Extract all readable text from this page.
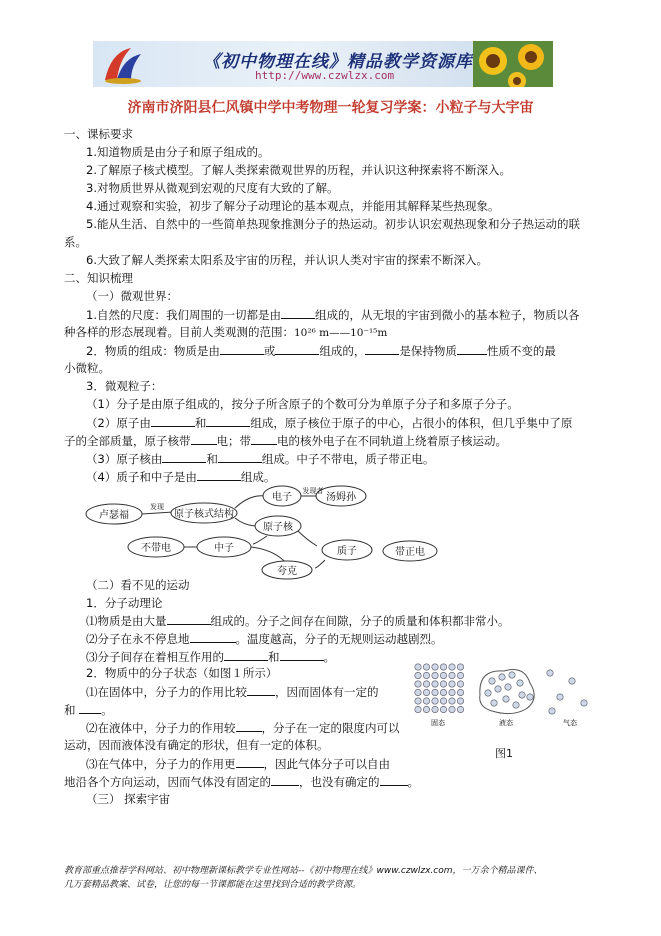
《初中物理在线》精品教学资源库
http://www.czwlzx.com
济南市济阳县仁风镇中学中考物理一轮复习学案：小粒子与大宇宙
一、课标要求
1.知道物质是由分子和原子组成的。
2.了解原子核式模型。了解人类探索微观世界的历程，并认识这种探索将不断深入。
3.对物质世界从微观到宏观的尺度有大致的了解。
4.通过观察和实验，初步了解分子动理论的基本观点，并能用其解释某些热现象。
5.能从生活、自然中的一些简单热现象推测分子的热运动。初步认识宏观热现象和分子热运动的联
系。
6.大致了解人类探索太阳系及宇宙的历程，并认识人类对宇宙的探索不断深入。
二、知识梳理
（一）微观世界：
1.自然的尺度：我们周围的一切都是由	组成的，从无垠的宇宙到微小的基本粒子，物质以各
种各样的形态展现着。目前人类观测的范围：10²⁶ m——10⁻¹⁵m
2．物质的组成：物质是由	或	组成的，	是保持物质	性质不变的最
小微粒。
3．微观粒子：
（1）分子是由原子组成的，按分子所含原子的个数可分为单原子分子和多原子分子。
（2）原子由	和	组成，原子核位于原子的中心，占很小的体积，但几乎集中了原
子的全部质量，原子核带 电；带 电的核外电子在不同轨道上绕着原子核运动。
（3）原子核由	和	组成。中子不带电，质子带正电。
（4）质子和中子是由	组成。
卢瑟福
发现
原子核式结构
电子
发现者
汤姆孙
原子核
不带电	中子	质子	带正电
夸克
（二）看不见的运动
1．分子动理论
⑴物质是由大量	组成的。分子之间存在间隙，分子的质量和体积都非常小。
⑵分子在永不停息地	。温度越高，分子的无规则运动越剧烈。
⑶分子间存在着相互作用的	和	。
2．物质中的分子状态（如图１所示）
⑴在固体中，分子力的作用比较 ，因而固体有一定的
和 。
⑵在液体中，分子力的作用较 ，分子在一定的限度内可以
运动，因而液体没有确定的形状，但有一定的体积。
⑶在气体中，分子力的作用更 ，因此气体分子可以自由
地沿各个方向运动，因而气体没有固定的 ，也没有确定的 。
（三） 探索宇宙
固态	液态	气态
图1
教育部重点推荐学科网站、初中物理新课标教学专业性网站--《初中物理在线》www.czwlzx.com，一万余个精品课件、
几万套精品教案、试卷，让您的每一节课都能在这里找到合适的教学资源。
